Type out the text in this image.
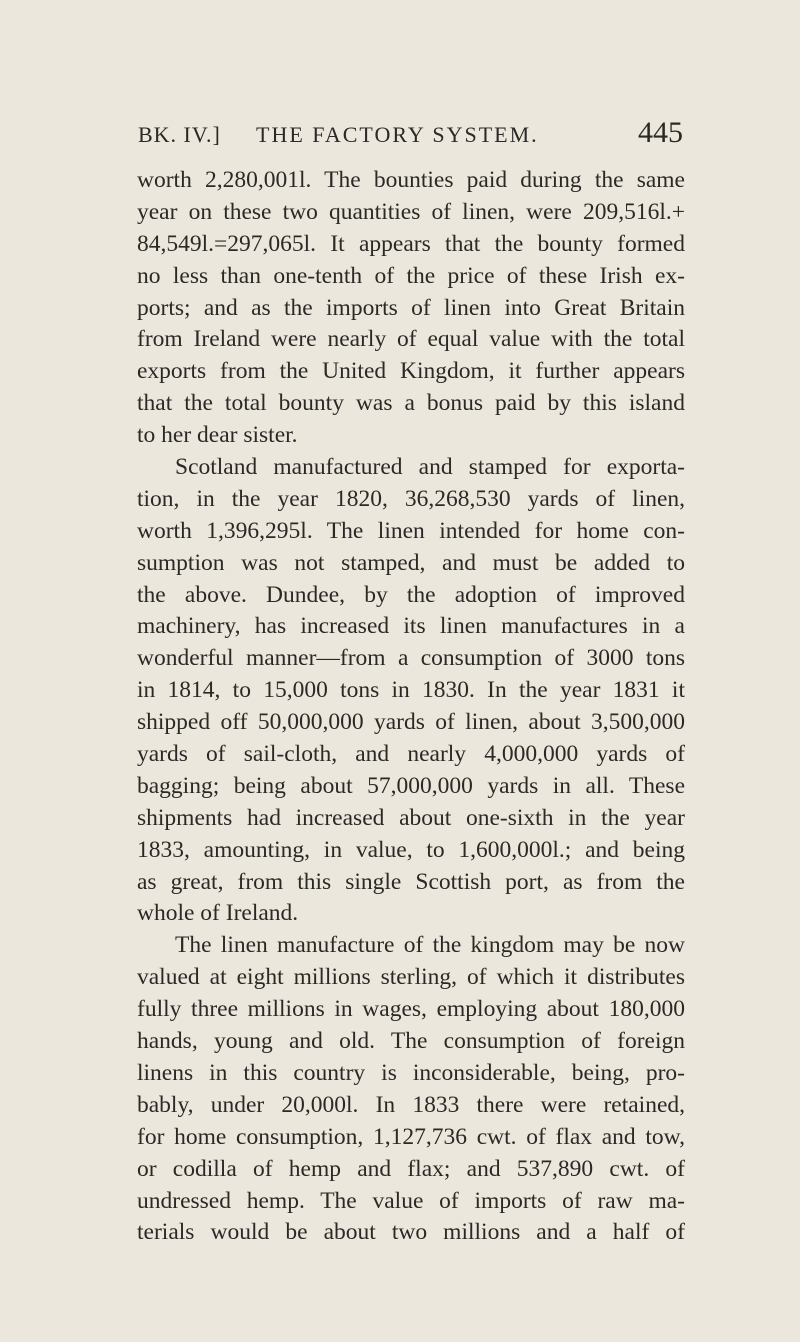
BK. IV.] THE FACTORY SYSTEM.	445
worth 2,280,001l. The bounties paid during the same
year on these two quantities of linen, were 209,516l.+
84,549l.=297,065l. It appears that the bounty formed
no less than one-tenth of the price of these Irish ex-
ports; and as the imports of linen into Great Britain
from Ireland were nearly of equal value with the total
exports from the United Kingdom, it further appears
that the total bounty was a bonus paid by this island
to her dear sister.
Scotland manufactured and stamped for exporta-
tion, in the year 1820, 36,268,530 yards of linen,
worth 1,396,295l. The linen intended for home con-
sumption was not stamped, and must be added to
the above. Dundee, by the adoption of improved
machinery, has increased its linen manufactures in a
wonderful manner—from a consumption of 3000 tons
in 1814, to 15,000 tons in 1830. In the year 1831 it
shipped off 50,000,000 yards of linen, about 3,500,000
yards of sail-cloth, and nearly 4,000,000 yards of
bagging; being about 57,000,000 yards in all. These
shipments had increased about one-sixth in the year
1833, amounting, in value, to 1,600,000l.; and being
as great, from this single Scottish port, as from the
whole of Ireland.
The linen manufacture of the kingdom may be now
valued at eight millions sterling, of which it distributes
fully three millions in wages, employing about 180,000
hands, young and old. The consumption of foreign
linens in this country is inconsiderable, being, pro-
bably, under 20,000l. In 1833 there were retained,
for home consumption, 1,127,736 cwt. of flax and tow,
or codilla of hemp and flax; and 537,890 cwt. of
undressed hemp. The value of imports of raw ma-
terials would be about two millions and a half of
